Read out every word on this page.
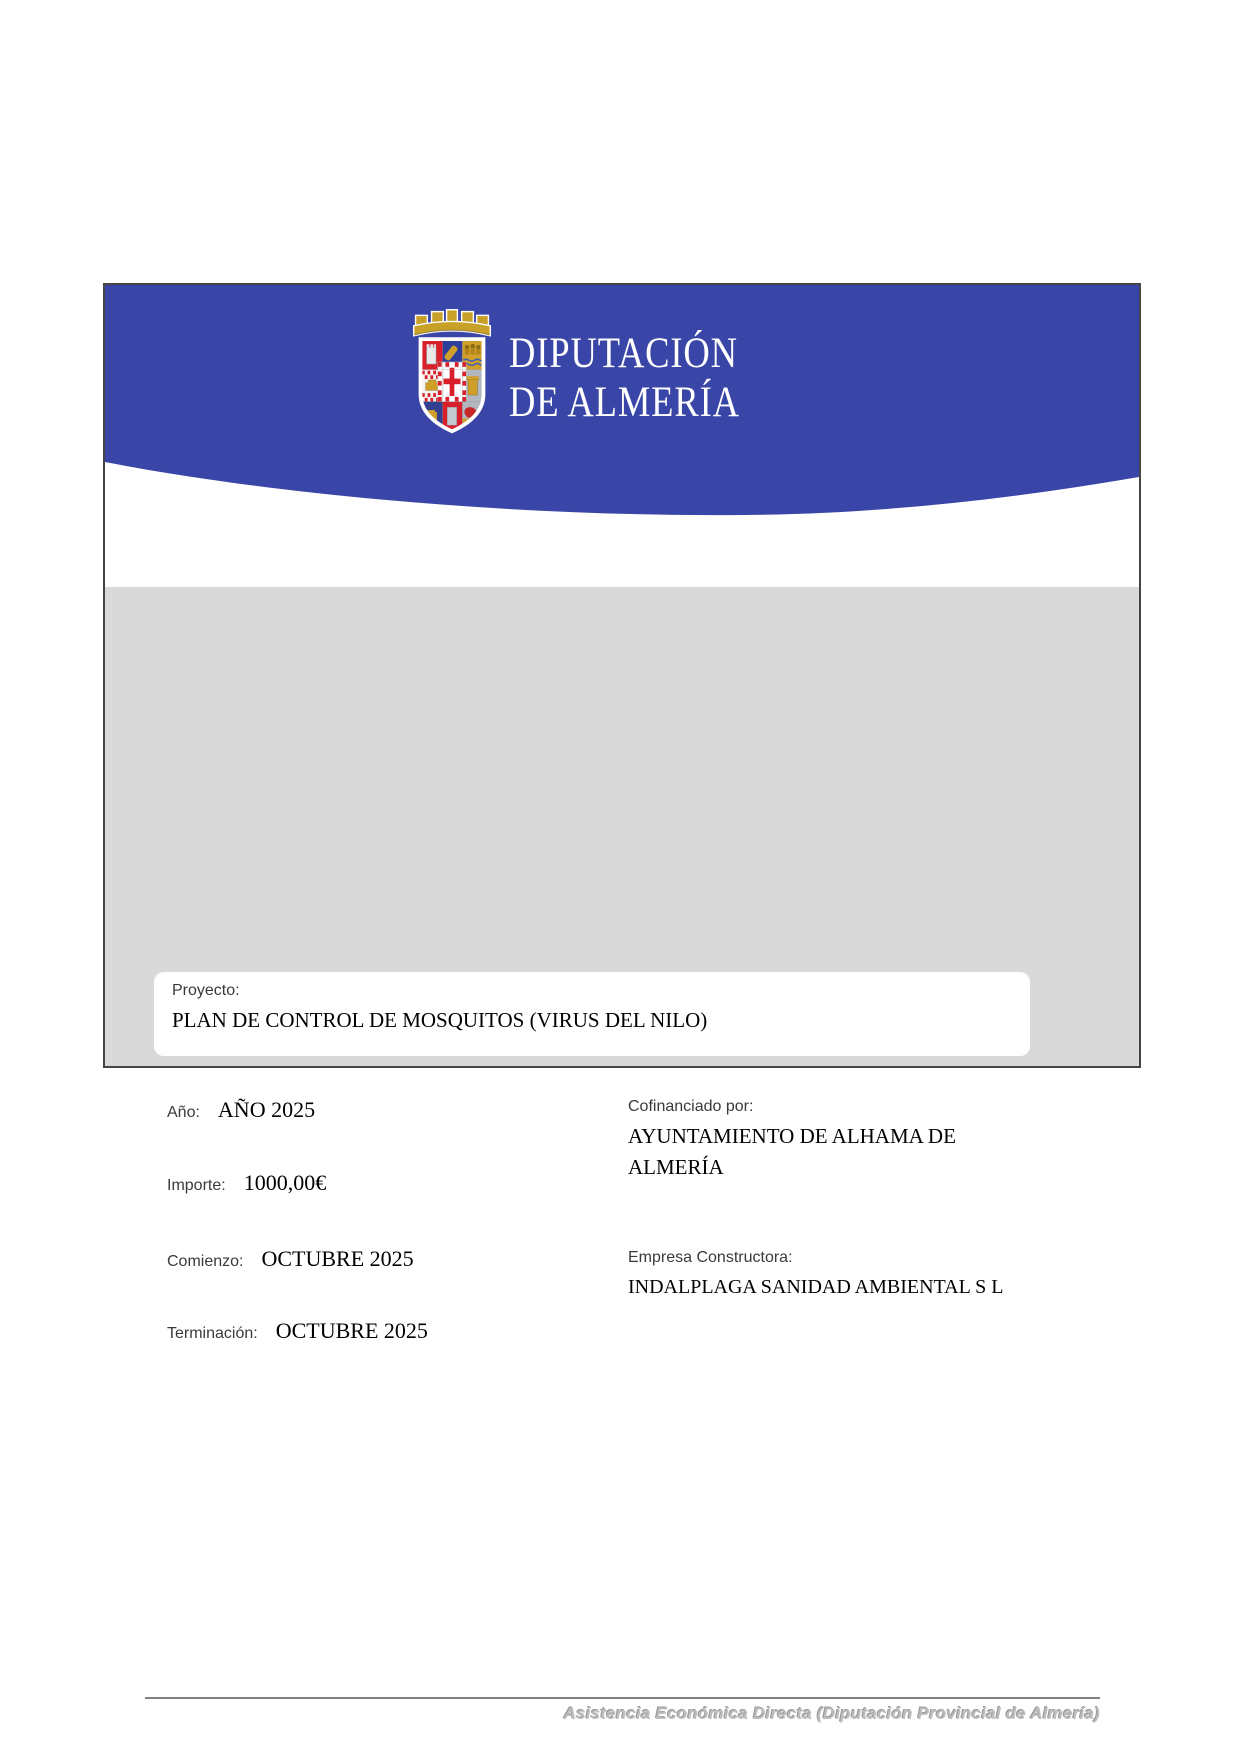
DIPUTACIÓN
DE ALMERÍA
Proyecto:
PLAN DE CONTROL DE MOSQUITOS (VIRUS DEL NILO)
Año: AÑO 2025
Importe: 1000,00€
Comienzo: OCTUBRE 2025
Terminación: OCTUBRE 2025
Cofinanciado por:
AYUNTAMIENTO DE ALHAMA DE ALMERÍA
Empresa Constructora:
INDALPLAGA SANIDAD AMBIENTAL S L
Asistencia Económica Directa (Diputación Provincial de Almería)
